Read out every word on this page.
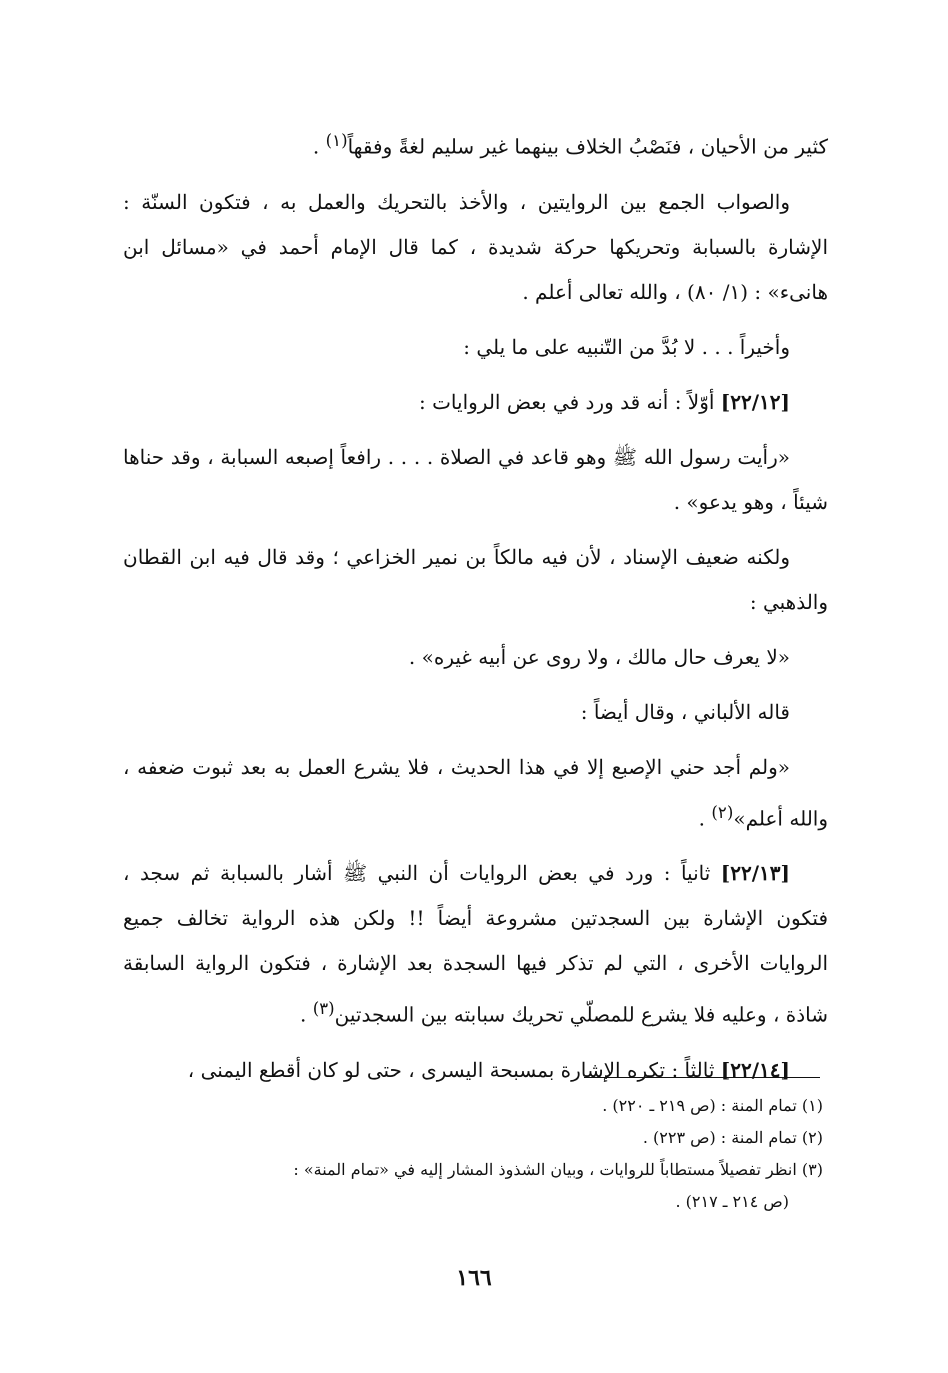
كثير من الأحيان ، فنَصْبُ الخلاف بينهما غير سليم لغةً وفقهاً$^{(١)}$ .

والصواب الجمع بين الروايتين ، والأخذ بالتحريك والعمل به ، فتكون السنّة : الإشارة بالسبابة وتحريكها حركة شديدة ، كما قال الإمام أحمد في «مسائل ابن هانىء» : (١/ ٨٠) ، والله تعالى أعلم .

وأخيراً . . . لا بُدَّ من التّنبيه على ما يلي :

[٢٢/١٢] أوّلاً : أنه قد ورد في بعض الروايات :

«رأيت رسول الله ﷺ وهو قاعد في الصلاة . . . . رافعاً إصبعه السبابة ، وقد حناها شيئاً ، وهو يدعو» .

ولكنه ضعيف الإسناد ، لأن فيه مالكاً بن نمير الخزاعي ؛ وقد قال فيه ابن القطان والذهبي :

«لا يعرف حال مالك ، ولا روى عن أبيه غيره» .

قاله الألباني ، وقال أيضاً :

«ولم أجد حني الإصبع إلا في هذا الحديث ، فلا يشرع العمل به بعد ثبوت ضعفه ، والله أعلم»$^{(٢)}$ .

[٢٢/١٣] ثانياً : ورد في بعض الروايات أن النبي ﷺ أشار بالسبابة ثم سجد ، فتكون الإشارة بين السجدتين مشروعة أيضاً !! ولكن هذه الرواية تخالف جميع الروايات الأخرى ، التي لم تذكر فيها السجدة بعد الإشارة ، فتكون الرواية السابقة شاذة ، وعليه فلا يشرع للمصلّي تحريك سبابته بين السجدتين$^{(٣)}$ .

[٢٢/١٤] ثالثاً : تكره الإشارة بمسبحة اليسرى ، حتى لو كان أقطع اليمنى ،

(١) تمام المنة : (ص ٢١٩ ـ ٢٢٠) .

(٢) تمام المنة : (ص ٢٢٣) .

(٣) انظر تفصيلاً مستطاباً للروايات ، وبيان الشذوذ المشار إليه في «تمام المنة» :

(ص ٢١٤ ـ ٢١٧) .

١٦٦
